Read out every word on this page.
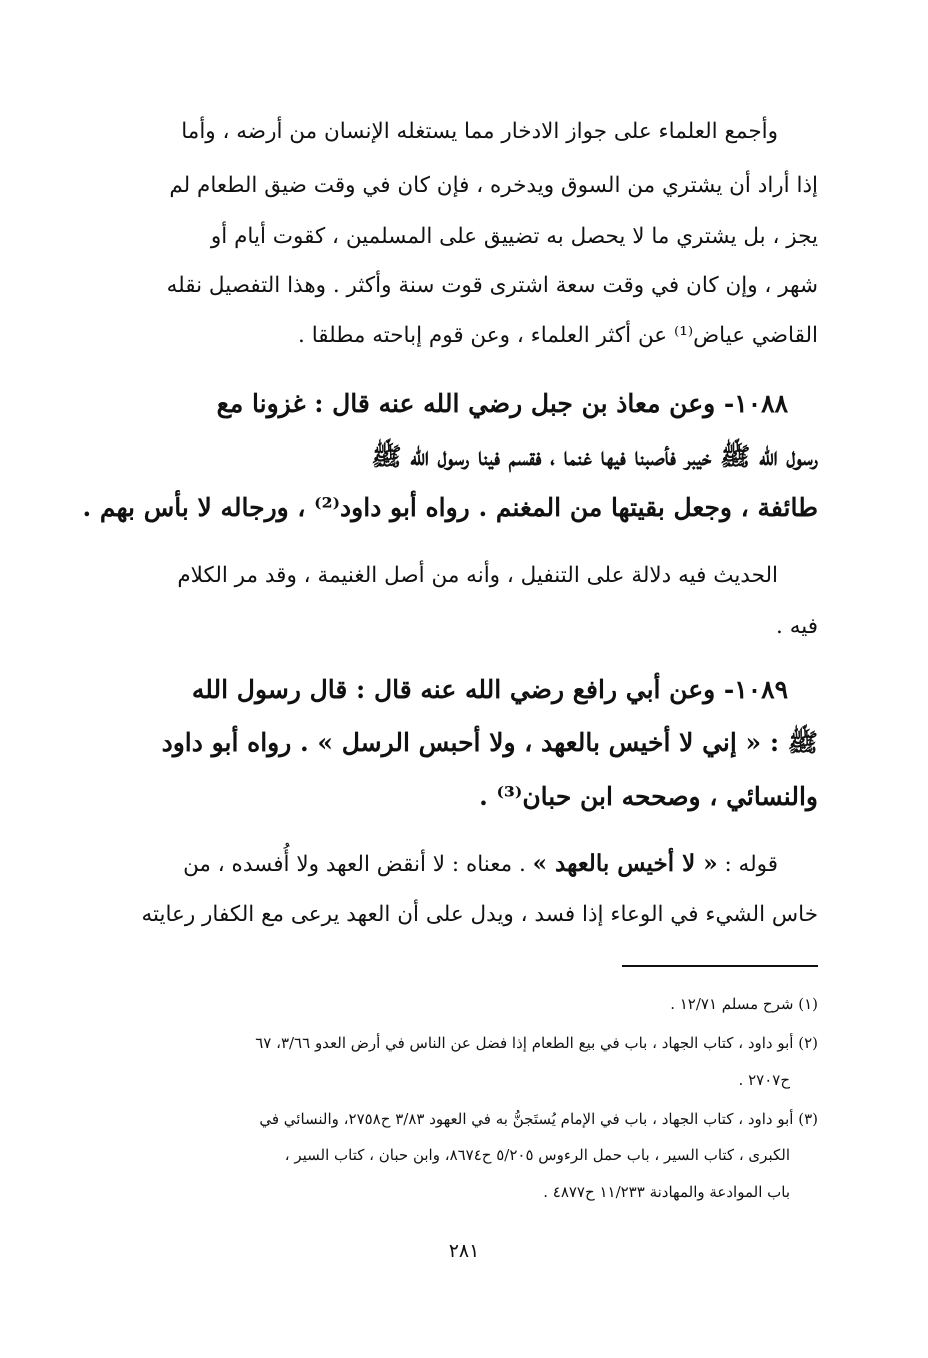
وأجمع العلماء على جواز الادخار مما يستغله الإنسان من أرضه ، وأما
إذا أراد أن يشتري من السوق ويدخره ، فإن كان في وقت ضيق الطعام لم
يجز ، بل يشتري ما لا يحصل به تضييق على المسلمين ، كقوت أيام أو
شهر ، وإن كان في وقت سعة اشترى قوت سنة وأكثر . وهذا التفصيل نقله
القاضي عياض⁽¹⁾ عن أكثر العلماء ، وعن قوم إباحته مطلقا .
١٠٨٨- وعن معاذ بن جبل رضي الله عنه قال : غزونا مع
رسول الله ﷺ خيبر فأصبنا فيها غنما ، فقسم فينا رسول الله ﷺ
طائفة ، وجعل بقيتها من المغنم . رواه أبو داود⁽²⁾ ، ورجاله لا بأس بهم .
الحديث فيه دلالة على التنفيل ، وأنه من أصل الغنيمة ، وقد مر الكلام
فيه .
١٠٨٩- وعن أبي رافع رضي الله عنه قال : قال رسول الله
ﷺ : « إني لا أخيس بالعهد ، ولا أحبس الرسل » . رواه أبو داود
والنسائي ، وصححه ابن حبان⁽³⁾ .
قوله : « لا أخيس بالعهد » . معناه : لا أنقض العهد ولا أُفسده ، من
خاس الشيء في الوعاء إذا فسد ، ويدل على أن العهد يرعى مع الكفار رعايته
(١) شرح مسلم ١٢/٧١ .
(٢) أبو داود ، كتاب الجهاد ، باب في بيع الطعام إذا فضل عن الناس في أرض العدو ٣/٦٦، ٦٧
ح٢٧٠٧ .
(٣) أبو داود ، كتاب الجهاد ، باب في الإمام يُستَجنُّ به في العهود ٣/٨٣ ح٢٧٥٨، والنسائي في
الكبرى ، كتاب السير ، باب حمل الرءوس ٥/٢٠٥ ح٨٦٧٤، وابن حبان ، كتاب السير ،
باب الموادعة والمهادنة ١١/٢٣٣ ح٤٨٧٧ .
٢٨١
